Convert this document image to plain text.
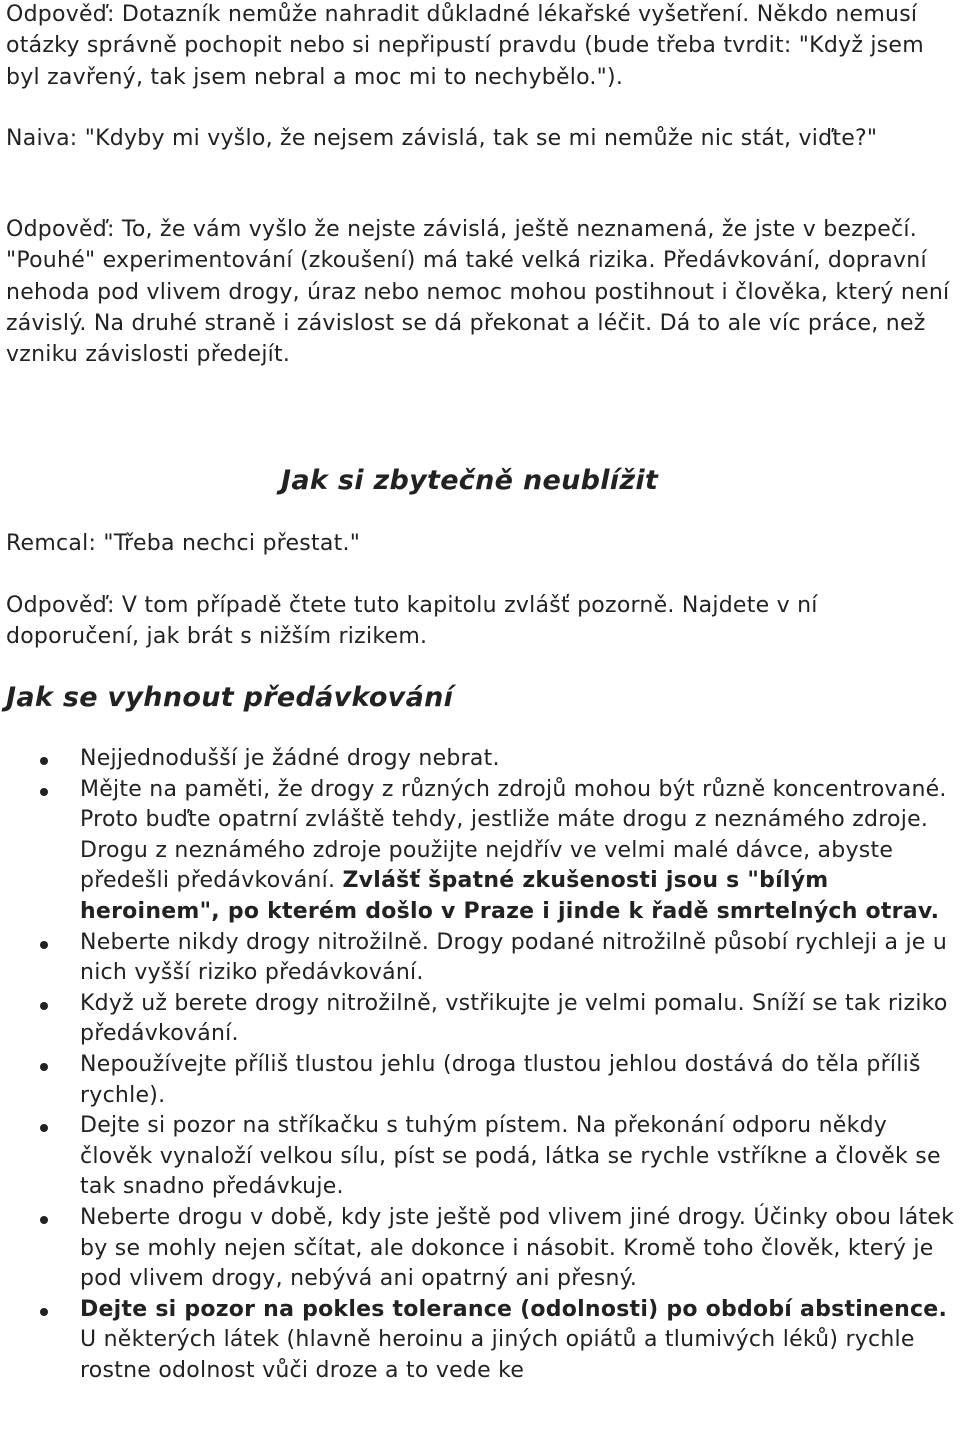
Odpověď: Dotazník nemůže nahradit důkladné lékařské vyšetření. Někdo nemusí otázky správně pochopit nebo si nepřipustí pravdu (bude třeba tvrdit: "Když jsem byl zavřený, tak jsem nebral a moc mi to nechybělo.").

Naiva: "Kdyby mi vyšlo, že nejsem závislá, tak se mi nemůže nic stát, viďte?"

Odpověď: To, že vám vyšlo že nejste závislá, ještě neznamená, že jste v bezpečí. "Pouhé" experimentování (zkoušení) má také velká rizika. Předávkování, dopravní nehoda pod vlivem drogy, úraz nebo nemoc mohou postihnout i člověka, který není závislý. Na druhé straně i závislost se dá překonat a léčit. Dá to ale víc práce, než vzniku závislosti předejít.

Jak si zbytečně neublížit

Remcal: "Třeba nechci přestat."

Odpověď: V tom případě čtete tuto kapitolu zvlášť pozorně. Najdete v ní doporučení, jak brát s nižším rizikem.

Jak se vyhnout předávkování
Nejjednodušší je žádné drogy nebrat.
Mějte na paměti, že drogy z různých zdrojů mohou být různě koncentrované. Proto buďte opatrní zvláště tehdy, jestliže máte drogu z neznámého zdroje. Drogu z neznámého zdroje použijte nejdřív ve velmi malé dávce, abyste předešli předávkování. Zvlášť špatné zkušenosti jsou s "bílým heroinem", po kterém došlo v Praze i jinde k řadě smrtelných otrav.
Neberte nikdy drogy nitrožilně. Drogy podané nitrožilně působí rychleji a je u nich vyšší riziko předávkování.
Když už berete drogy nitrožilně, vstřikujte je velmi pomalu. Sníží se tak riziko předávkování.
Nepoužívejte příliš tlustou jehlu (droga tlustou jehlou dostává do těla příliš rychle).
Dejte si pozor na stříkačku s tuhým pístem. Na překonání odporu někdy člověk vynaloží velkou sílu, píst se podá, látka se rychle vstříkne a člověk se tak snadno předávkuje.
Neberte drogu v době, kdy jste ještě pod vlivem jiné drogy. Účinky obou látek by se mohly nejen sčítat, ale dokonce i násobit. Kromě toho člověk, který je pod vlivem drogy, nebývá ani opatrný ani přesný.
Dejte si pozor na pokles tolerance (odolnosti) po období abstinence. U některých látek (hlavně heroinu a jiných opiátů a tlumivých léků) rychle rostne odolnost vůči droze a to vede ke
